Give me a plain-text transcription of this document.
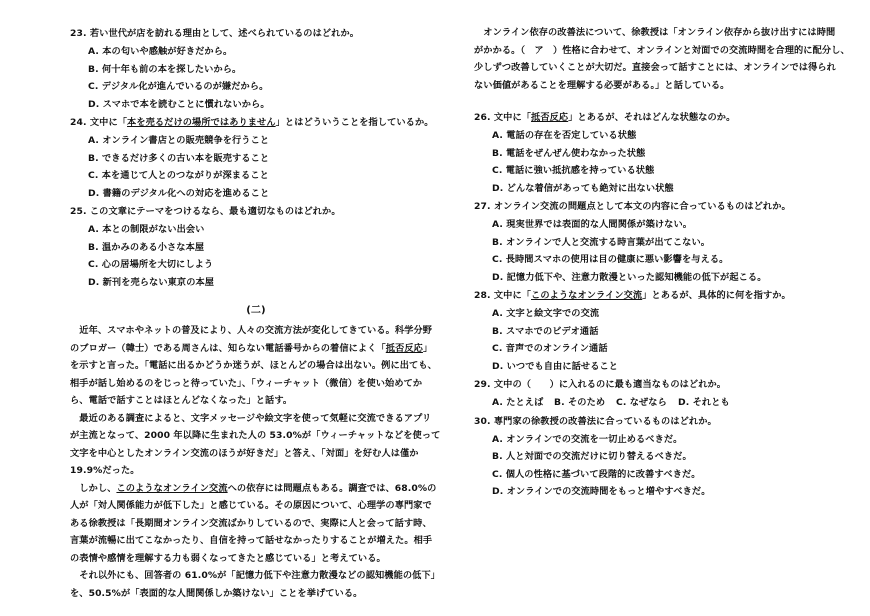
23. 若い世代が店を訪れる理由として、述べられているのはどれか。
A. 本の匂いや感触が好きだから。
B. 何十年も前の本を探したいから。
C. デジタル化が進んでいるのが嫌だから。
D. スマホで本を読むことに慣れないから。
24. 文中に「本を売るだけの場所ではありません」とはどういうことを指しているか。
A. オンライン書店との販売競争を行うこと
B. できるだけ多くの古い本を販売すること
C. 本を通じて人とのつながりが深まること
D. 書籍のデジタル化への対応を進めること
25. この文章にテーマをつけるなら、最も適切なものはどれか。
A. 本との制限がない出会い
B. 温かみのある小さな本屋
C. 心の居場所を大切にしよう
D. 新刊を売らない東京の本屋
(二)
　近年、スマホやネットの普及により、人々の交流方法が変化してきている。科学分野
のブロガー（韓士）である周さんは、知らない電話番号からの着信によく「抵否反応」
を示すと言った。「電話に出るかどうか迷うが、ほとんどの場合は出ない。例に出ても、
相手が話し始めるのをじっと待っていた」、「ウィーチャット（微信）を使い始めてか
ら、電話で話すことはほとんどなくなった」と話す。
　最近のある調査によると、文字メッセージや絵文字を使って気軽に交流できるアプリ
が主流となって、2000 年以降に生まれた人の 53.0%が「ウィーチャットなどを使って
文字を中心としたオンライン交流のほうが好きだ」と答え、「対面」を好む人は僅か
19.9%だった。
　しかし、このようなオンライン交流への依存には問題点もある。調査では、68.0%の
人が「対人関係能力が低下した」と感じている。その原因について、心理学の専門家で
ある徐教授は「長期間オンライン交流ばかりしているので、実際に人と会って話す時、
言葉が流暢に出てこなかったり、自信を持って話せなかったりすることが増えた。相手
の表情や感情を理解する力も弱くなってきたと感じている」と考えている。
　それ以外にも、回答者の 61.0%が「記憶力低下や注意力散漫などの認知機能の低下」
を、50.5%が「表面的な人間関係しか築けない」ことを挙げている。
　オンライン依存の改善法について、徐教授は「オンライン依存から抜け出すには時間
がかかる。（　ア　）性格に合わせて、オンラインと対面での交流時間を合理的に配分し、
少しずつ改善していくことが大切だ。直接会って話すことには、オンラインでは得られ
ない価値があることを理解する必要がある。」と話している。
26. 文中に「抵否反応」とあるが、それはどんな状態なのか。
A. 電話の存在を否定している状態
B. 電話をぜんぜん使わなかった状態
C. 電話に強い抵抗感を持っている状態
D. どんな着信があっても絶対に出ない状態
27. オンライン交流の問題点として本文の内容に合っているものはどれか。
A. 現実世界では表面的な人間関係が築けない。
B. オンラインで人と交流する時言葉が出てこない。
C. 長時間スマホの使用は目の健康に悪い影響を与える。
D. 記憶力低下や、注意力散漫といった認知機能の低下が起こる。
28. 文中に「このようなオンライン交流」とあるが、具体的に何を指すか。
A. 文字と絵文字での交流
B. スマホでのビデオ通話
C. 音声でのオンライン通話
D. いつでも自由に話せること
29. 文中の（　　）に入れるのに最も適当なものはどれか。
A. たとえば B. そのため C. なぜなら D. それとも
30. 専門家の徐教授の改善法に合っているものはどれか。
A. オンラインでの交流を一切止めるべきだ。
B. 人と対面での交流だけに切り替えるべきだ。
C. 個人の性格に基づいて段階的に改善すべきだ。
D. オンラインでの交流時間をもっと増やすべきだ。
